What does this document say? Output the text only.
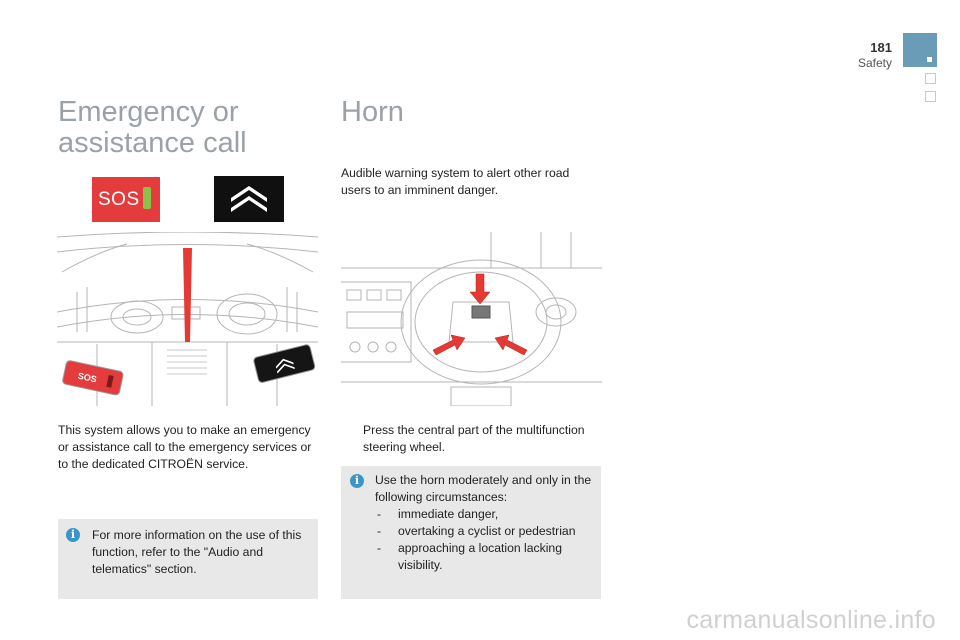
181
Safety
Emergency or
assistance call
SOS
SOS
This system allows you to make an emergency or assistance call to the emergency services or to the dedicated CITROËN service.
i	For more information on the use of this function, refer to the "Audio and telematics" section.
Horn
Audible warning system to alert other road users to an imminent danger.
Press the central part of the multifunction steering wheel.
i	Use the horn moderately and only in the following circumstances:
- immediate danger,
- overtaking a cyclist or pedestrian
- approaching a location lacking visibility.
carmanualsonline.info
